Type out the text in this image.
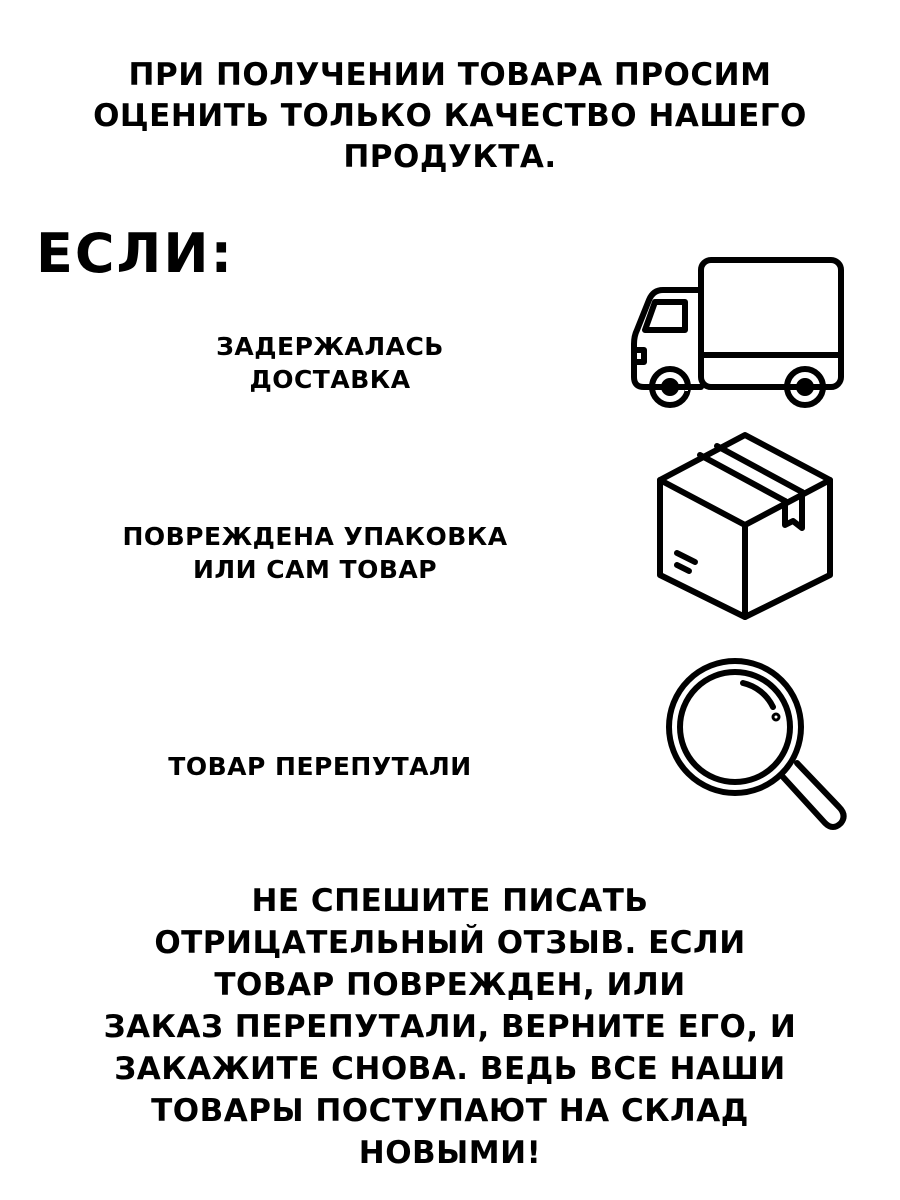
ПРИ ПОЛУЧЕНИИ ТОВАРА ПРОСИМ
ОЦЕНИТЬ ТОЛЬКО КАЧЕСТВО НАШЕГО
ПРОДУКТА.
ЕСЛИ:
ЗАДЕРЖАЛАСЬ
ДОСТАВКА
ПОВРЕЖДЕНА УПАКОВКА
ИЛИ САМ ТОВАР
ТОВАР ПЕРЕПУТАЛИ
НЕ СПЕШИТЕ ПИСАТЬ
ОТРИЦАТЕЛЬНЫЙ ОТЗЫВ. ЕСЛИ
ТОВАР ПОВРЕЖДЕН, ИЛИ
ЗАКАЗ ПЕРЕПУТАЛИ, ВЕРНИТЕ ЕГО, И
ЗАКАЖИТЕ СНОВА. ВЕДЬ ВСЕ НАШИ
ТОВАРЫ ПОСТУПАЮТ НА СКЛАД
НОВЫМИ!
